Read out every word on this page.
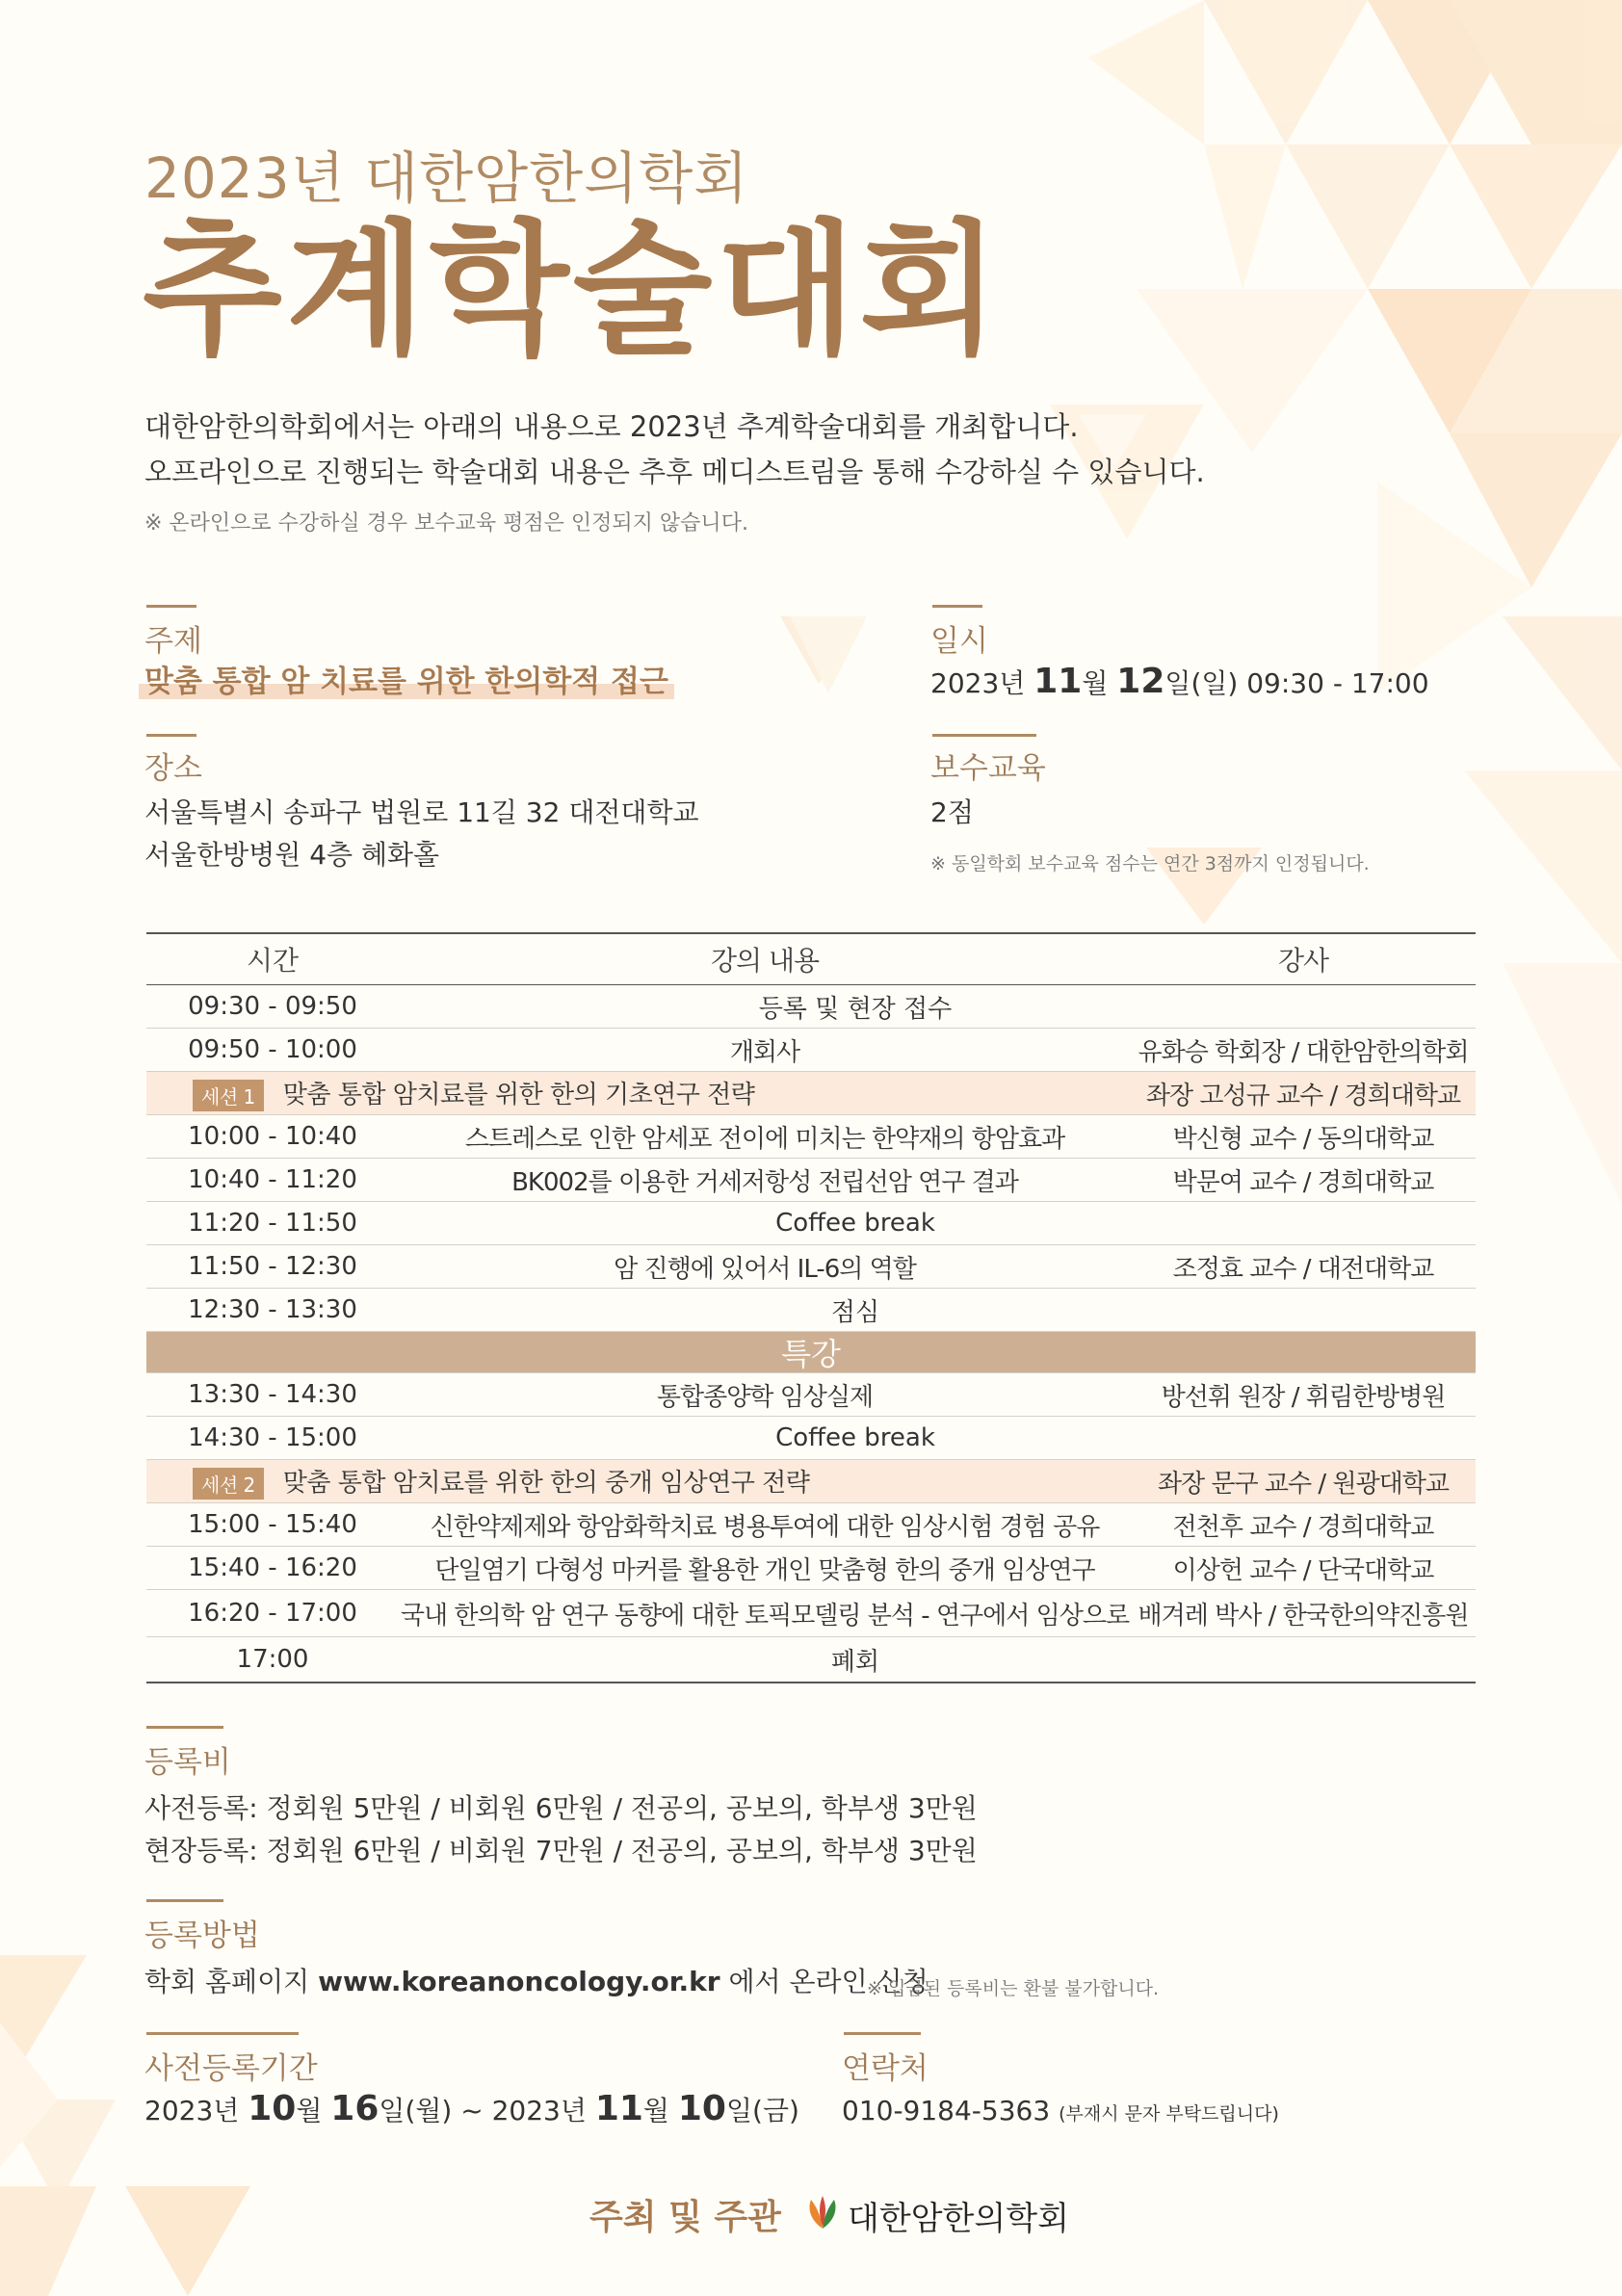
2023년 대한암한의학회
추계학술대회
대한암한의학회에서는 아래의 내용으로 2023년 추계학술대회를 개최합니다.
오프라인으로 진행되는 학술대회 내용은 추후 메디스트림을 통해 수강하실 수 있습니다.
※ 온라인으로 수강하실 경우 보수교육 평점은 인정되지 않습니다.
주제
맞춤 통합 암 치료를 위한 한의학적 접근
일시
2023년 11월 12일(일) 09:30 - 17:00
장소
서울특별시 송파구 법원로 11길 32 대전대학교
서울한방병원 4층 혜화홀
보수교육
2점
※ 동일학회 보수교육 점수는 연간 3점까지 인정됩니다.
시간	강의 내용	강사
09:30 - 09:50	등록 및 현장 접수
09:50 - 10:00	개회사	유화승 학회장 / 대한암한의학회
세션 1 맞춤 통합 암치료를 위한 한의 기초연구 전략	좌장 고성규 교수 / 경희대학교
10:00 - 10:40	스트레스로 인한 암세포 전이에 미치는 한약재의 항암효과	박신형 교수 / 동의대학교
10:40 - 11:20	BK002를 이용한 거세저항성 전립선암 연구 결과	박문여 교수 / 경희대학교
11:20 - 11:50	Coffee break
11:50 - 12:30	암 진행에 있어서 IL-6의 역할	조정효 교수 / 대전대학교
12:30 - 13:30	점심
특강
13:30 - 14:30	통합종양학 임상실제	방선휘 원장 / 휘림한방병원
14:30 - 15:00	Coffee break
세션 2 맞춤 통합 암치료를 위한 한의 중개 임상연구 전략	좌장 문구 교수 / 원광대학교
15:00 - 15:40	신한약제제와 항암화학치료 병용투여에 대한 임상시험 경험 공유	전천후 교수 / 경희대학교
15:40 - 16:20	단일염기 다형성 마커를 활용한 개인 맞춤형 한의 중개 임상연구	이상헌 교수 / 단국대학교
16:20 - 17:00	국내 한의학 암 연구 동향에 대한 토픽모델링 분석 - 연구에서 임상으로 배겨레 박사 / 한국한의약진흥원
17:00	폐회
등록비
사전등록: 정회원 5만원 / 비회원 6만원 / 전공의, 공보의, 학부생 3만원
현장등록: 정회원 6만원 / 비회원 7만원 / 전공의, 공보의, 학부생 3만원
등록방법
학회 홈페이지 www.koreanoncology.or.kr 에서 온라인 신청
※ 입금된 등록비는 환불 불가합니다.
사전등록기간
2023년 10월 16일(월) ~ 2023년 11월 10일(금)
연락처
010-9184-5363 (부재시 문자 부탁드립니다)
주최 및 주관 대한암한의학회
